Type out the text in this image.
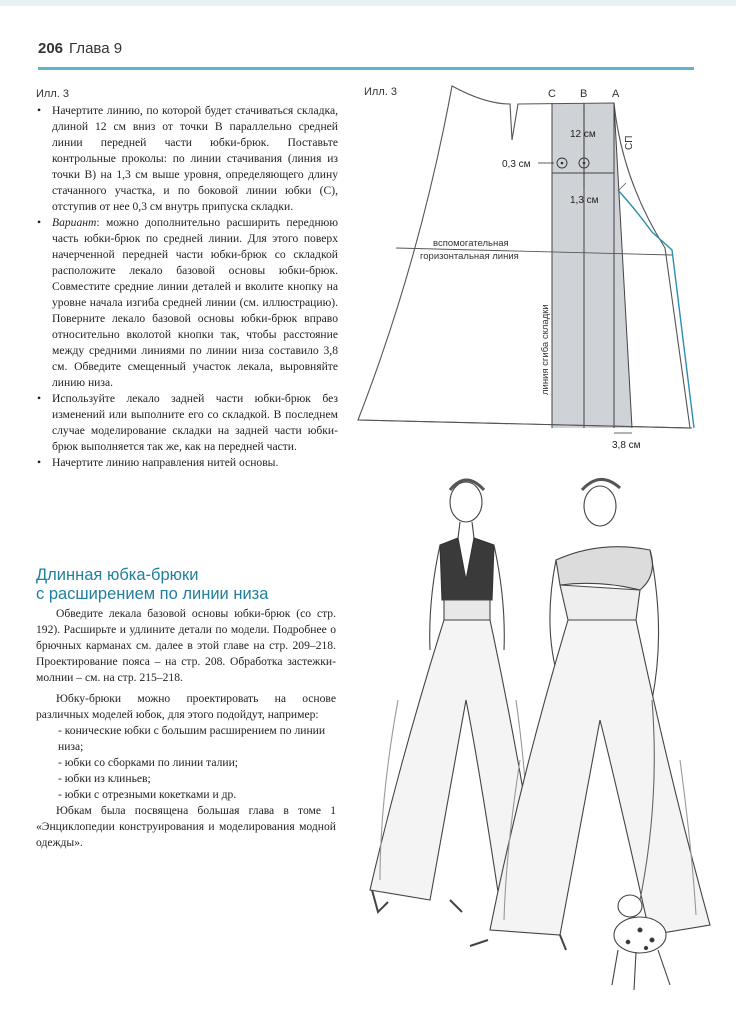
206 Глава 9
Илл. 3
• Начертите линию, по которой будет стачиваться складка, длиной 12 см вниз от точки В параллельно средней линии передней части юбки-брюк. Поставьте контрольные проколы: по линии стачивания (линия из точки В) на 1,3 см выше уровня, определяющего длину стачанного участка, и по боковой линии юбки (С), отступив от нее 0,3 см внутрь припуска складки.
• Вариант: можно дополнительно расширить переднюю часть юбки-брюк по средней линии. Для этого поверх начерченной передней части юбки-брюк со складкой расположите лекало базовой основы юбки-брюк. Совместите средние линии деталей и вколите кнопку на уровне начала изгиба средней линии (см. иллюстрацию). Поверните лекало базовой основы юбки-брюк вправо относительно вколотой кнопки так, чтобы расстояние между средними линиями по линии низа составило 3,8 см. Обведите смещенный участок лекала, выровняйте линию низа.
• Используйте лекало задней части юбки-брюк без изменений или выполните его со складкой. В последнем случае моделирование складки на задней части юбки-брюк выполняется так же, как на передней части.
• Начертите линию направления нитей основы.
Илл. 3	С В А
СП
12 см
0,3 см
1,3 см
вспомогательная
горизонтальная линия
линия сгиба складки
3,8 см
Длинная юбка-брюки
с расширением по линии низа

Обведите лекала базовой основы юбки-брюк (со стр. 192). Расширьте и удлините детали по модели. Подробнее о брючных карманах см. далее в этой главе на стр. 209–218. Проектирование пояса – на стр. 208. Обработка застежки-молнии – см. на стр. 215–218.

Юбку-брюки можно проектировать на основе различных моделей юбок, для этого подойдут, например:

- конические юбки с большим расширением по линии низа;

- юбки со сборками по линии талии;

- юбки из клиньев;

- юбки с отрезными кокетками и др.

Юбкам была посвящена большая глава в томе 1 «Энциклопедии конструирования и моделирования модной одежды».
